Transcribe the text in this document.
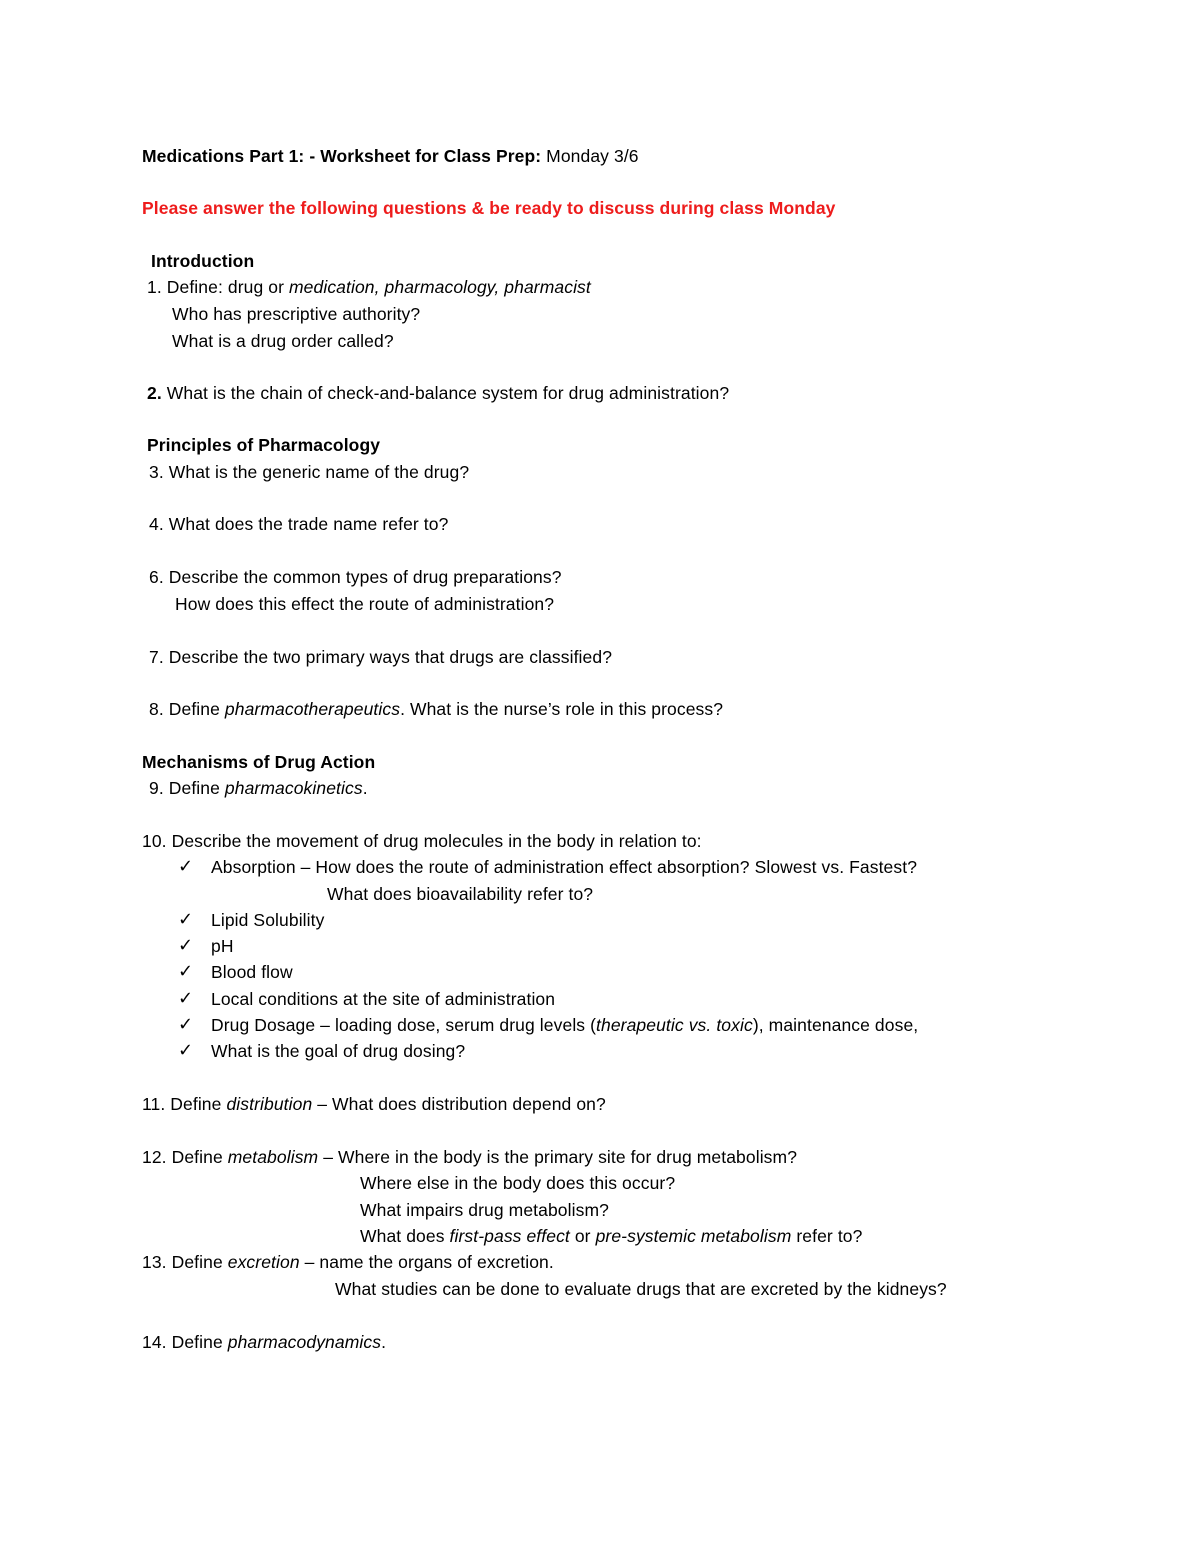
Medications Part 1: - Worksheet for Class Prep: Monday 3/6
Please answer the following questions & be ready to discuss during class Monday
Introduction
1. Define: drug or medication, pharmacology, pharmacist
Who has prescriptive authority?
What is a drug order called?
2. What is the chain of check-and-balance system for drug administration?
Principles of Pharmacology
3. What is the generic name of the drug?
4. What does the trade name refer to?
6. Describe the common types of drug preparations?
How does this effect the route of administration?
7. Describe the two primary ways that drugs are classified?
8. Define pharmacotherapeutics. What is the nurse’s role in this process?
Mechanisms of Drug Action
9. Define pharmacokinetics.
10. Describe the movement of drug molecules in the body in relation to:
✓ Absorption – How does the route of administration effect absorption? Slowest vs. Fastest?
What does bioavailability refer to?
✓ Lipid Solubility
✓ pH
✓ Blood flow
✓ Local conditions at the site of administration
✓ Drug Dosage – loading dose, serum drug levels (therapeutic vs. toxic), maintenance dose,
✓ What is the goal of drug dosing?
11. Define distribution – What does distribution depend on?
12. Define metabolism – Where in the body is the primary site for drug metabolism?
Where else in the body does this occur?
What impairs drug metabolism?
What does first-pass effect or pre-systemic metabolism refer to?
13. Define excretion – name the organs of excretion.
What studies can be done to evaluate drugs that are excreted by the kidneys?
14. Define pharmacodynamics.
